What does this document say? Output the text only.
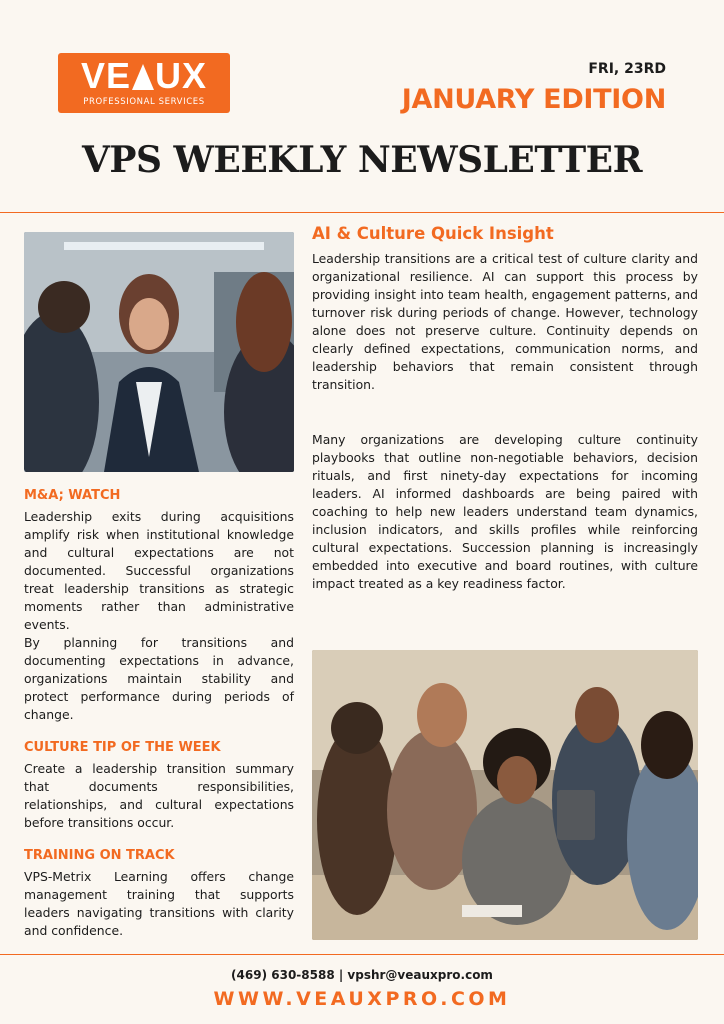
VE UX
PROFESSIONAL SERVICES
FRI, 23RD
JANUARY EDITION
VPS WEEKLY NEWSLETTER
M&A; WATCH
Leadership exits during acquisitions amplify risk when institutional knowledge and cultural expectations are not documented. Successful organizations treat leadership transitions as strategic moments rather than administrative events.
By planning for transitions and documenting expectations in advance, organizations maintain stability and protect performance during periods of change.
CULTURE TIP OF THE WEEK
Create a leadership transition summary that documents responsibilities, relationships, and cultural expectations before transitions occur.
TRAINING ON TRACK
VPS-Metrix Learning offers change management training that supports leaders navigating transitions with clarity and confidence.
AI & Culture Quick Insight
Leadership transitions are a critical test of culture clarity and organizational resilience. AI can support this process by providing insight into team health, engagement patterns, and turnover risk during periods of change. However, technology alone does not preserve culture. Continuity depends on clearly defined expectations, communication norms, and leadership behaviors that remain consistent through transition.
Many organizations are developing culture continuity playbooks that outline non-negotiable behaviors, decision rituals, and first ninety-day expectations for incoming leaders. AI informed dashboards are being paired with coaching to help new leaders understand team dynamics, inclusion indicators, and skills profiles while reinforcing cultural expectations. Succession planning is increasingly embedded into executive and board routines, with culture impact treated as a key readiness factor.
(469) 630-8588 | vpshr@veauxpro.com
WWW.VEAUXPRO.COM
